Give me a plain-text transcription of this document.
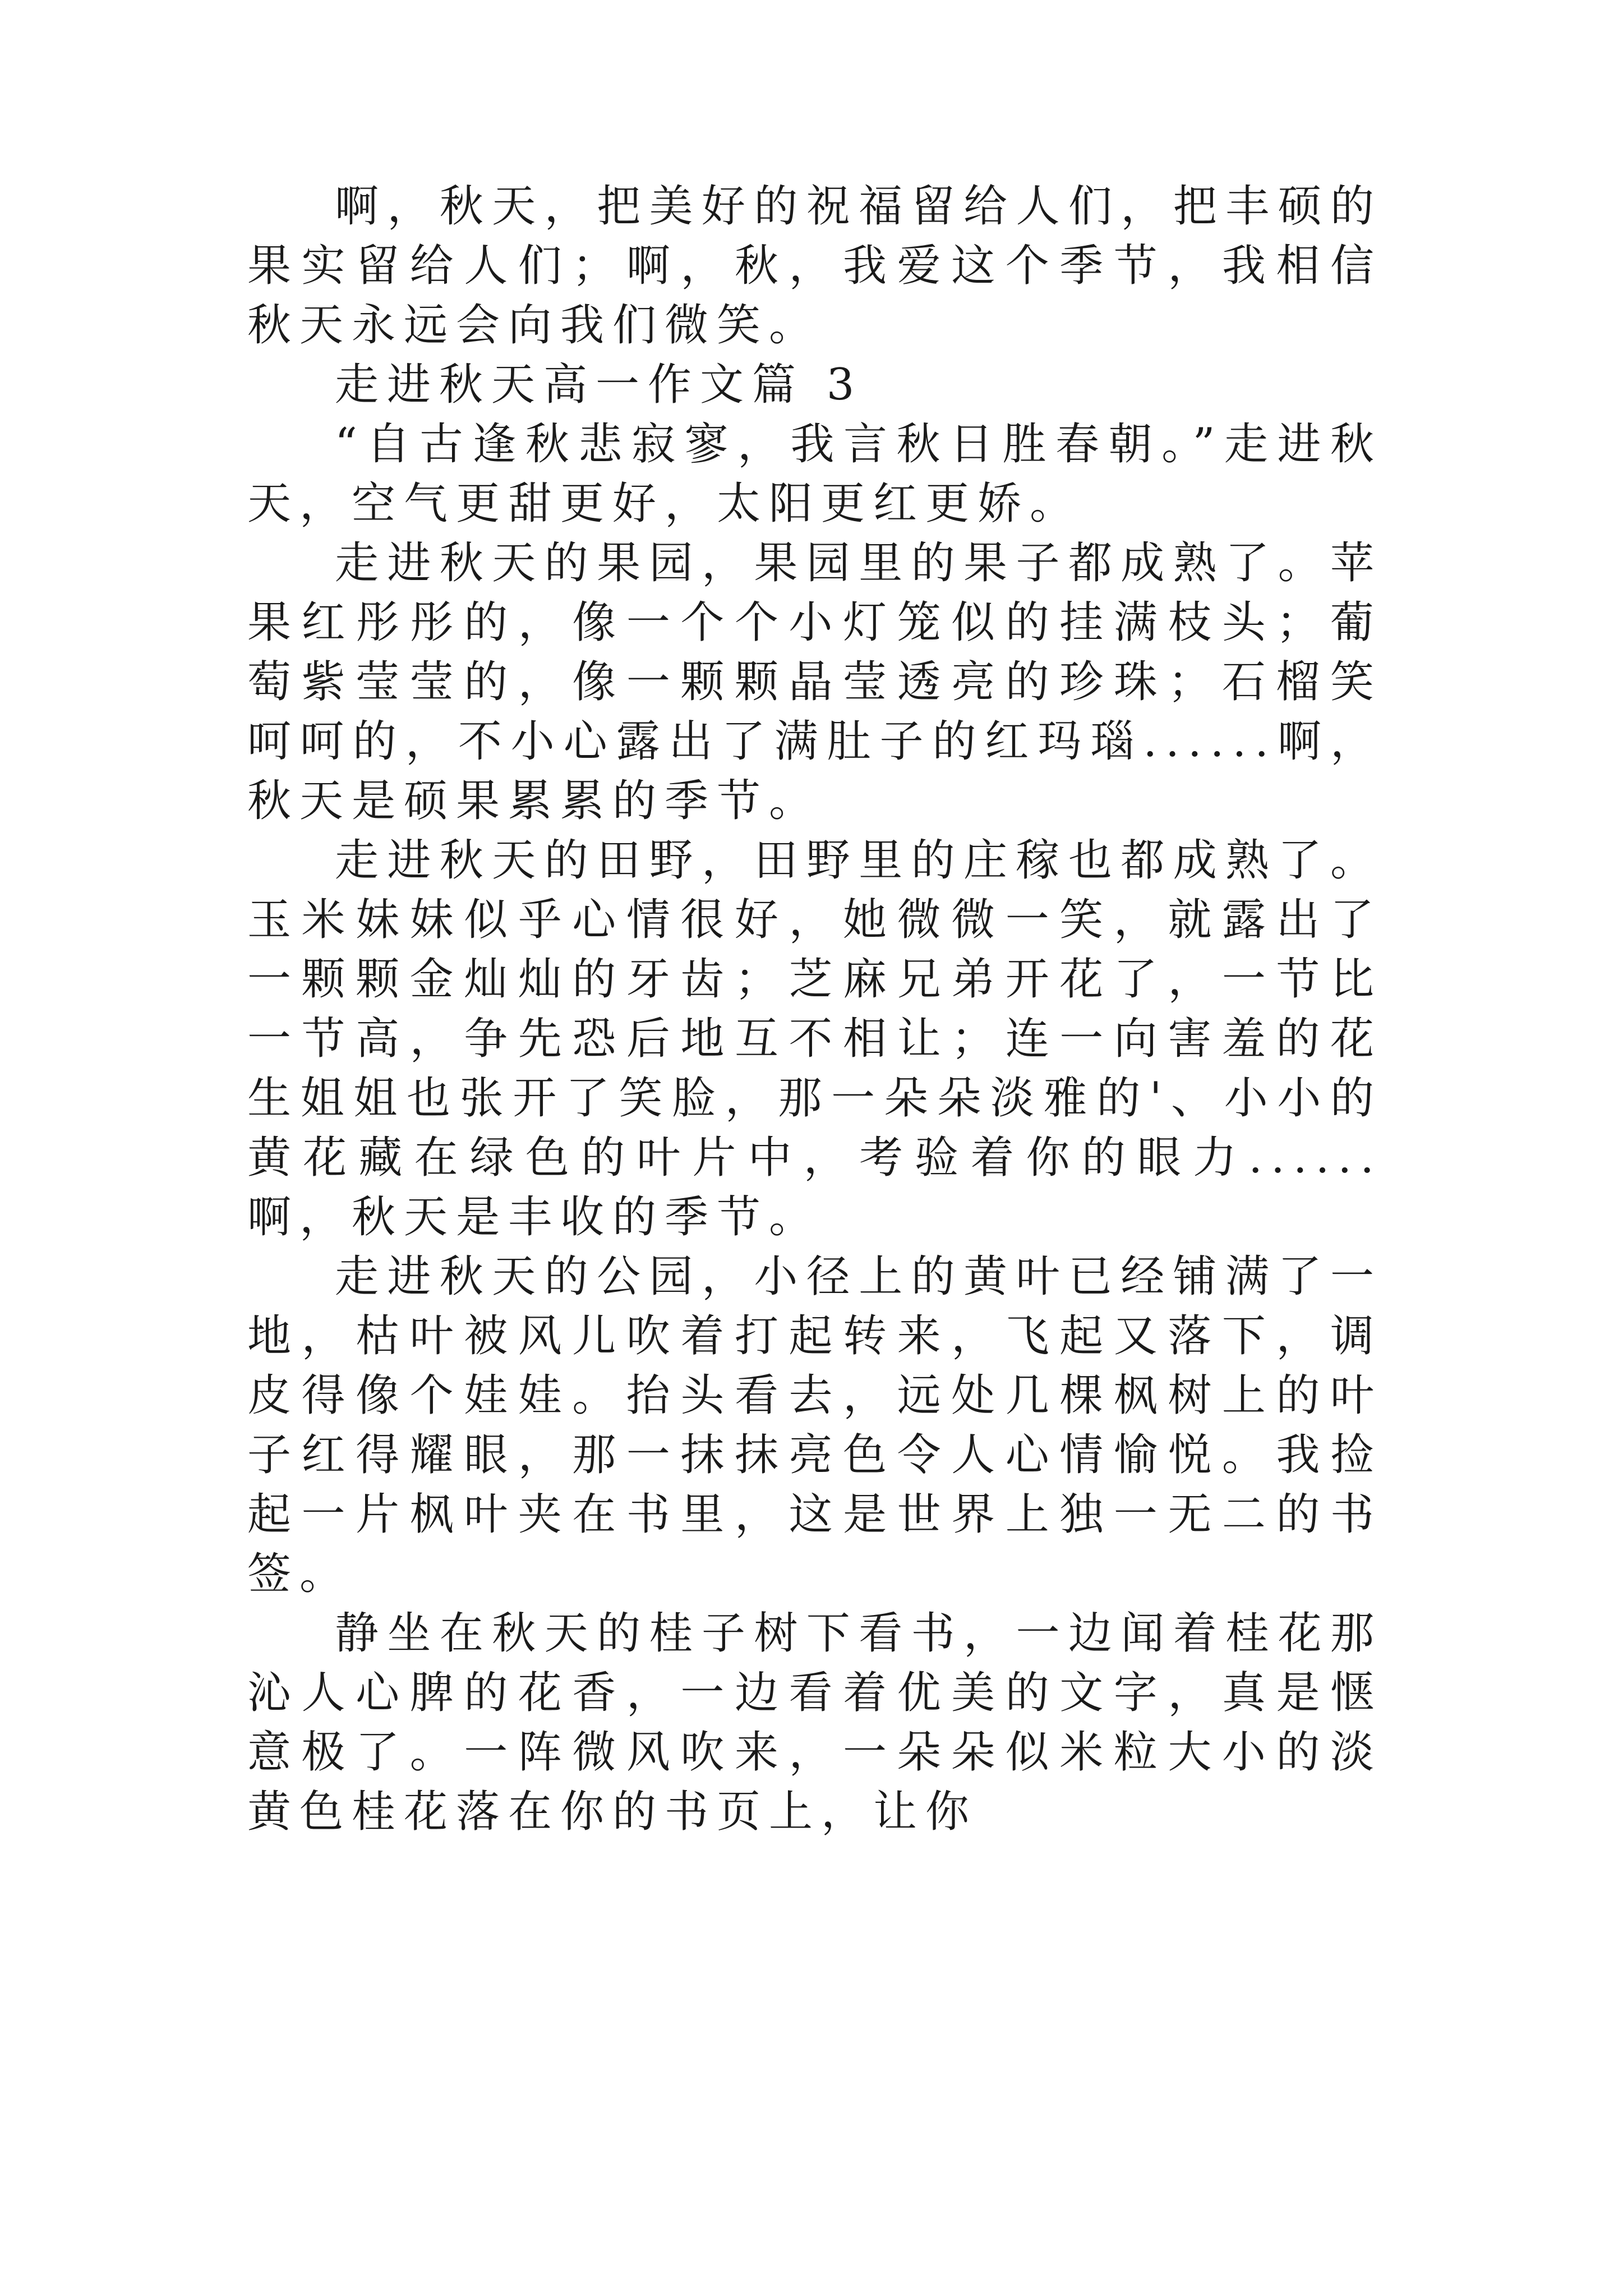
啊，秋天，把美好的祝福留给人们，把丰硕的果实留给人们；啊，秋，我爱这个季节，我相信秋天永远会向我们微笑。

走进秋天高一作文篇 3

“自古逢秋悲寂寥，我言秋日胜春朝。”走进秋天，空气更甜更好，太阳更红更娇。

走进秋天的果园，果园里的果子都成熟了。苹果红彤彤的，像一个个小灯笼似的挂满枝头；葡萄紫莹莹的，像一颗颗晶莹透亮的珍珠；石榴笑呵呵的，不小心露出了满肚子的红玛瑙......啊，秋天是硕果累累的季节。

走进秋天的田野，田野里的庄稼也都成熟了。玉米妹妹似乎心情很好，她微微一笑，就露出了一颗颗金灿灿的牙齿；芝麻兄弟开花了，一节比一节高，争先恐后地互不相让；连一向害羞的花生姐姐也张开了笑脸，那一朵朵淡雅的'、小小的黄花藏在绿色的叶片中，考验着你的眼力......啊，秋天是丰收的季节。

走进秋天的公园，小径上的黄叶已经铺满了一地，枯叶被风儿吹着打起转来，飞起又落下，调皮得像个娃娃。抬头看去，远处几棵枫树上的叶子红得耀眼，那一抹抹亮色令人心情愉悦。我捡起一片枫叶夹在书里，这是世界上独一无二的书签。

静坐在秋天的桂子树下看书，一边闻着桂花那沁人心脾的花香，一边看着优美的文字，真是惬意极了。一阵微风吹来，一朵朵似米粒大小的淡黄色桂花落在你的书页上，让你
